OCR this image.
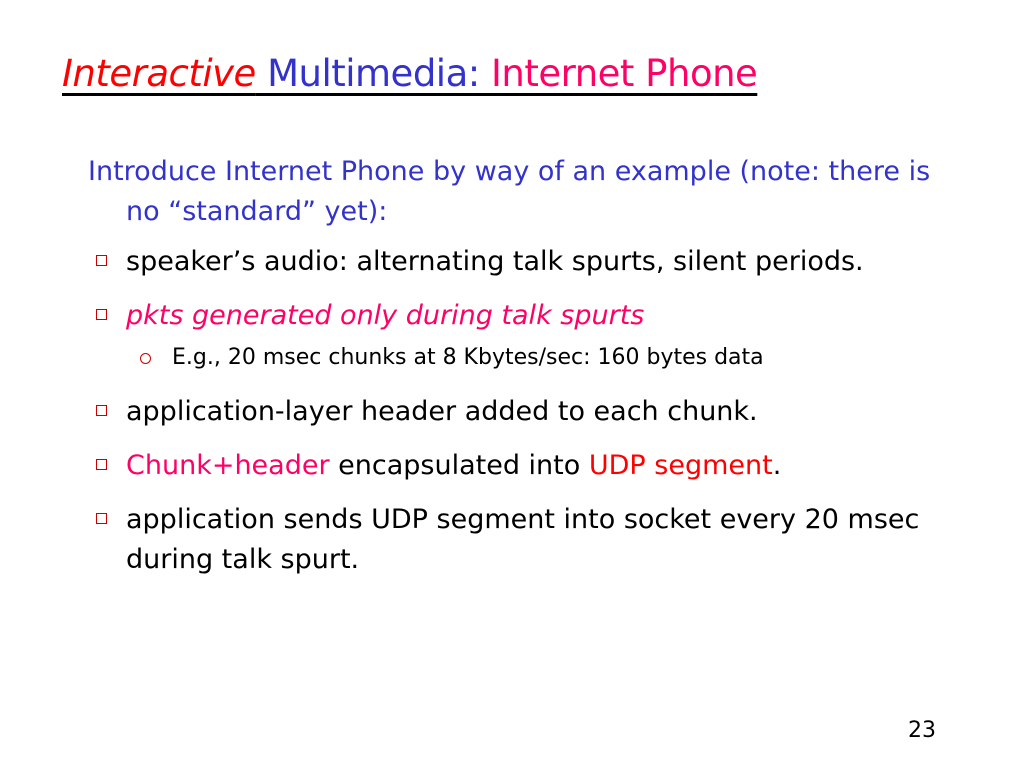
Interactive Multimedia: Internet Phone
Introduce Internet Phone by way of an example (note: there is no “standard” yet):
speaker’s audio: alternating talk spurts, silent periods.
pkts generated only during talk spurts
E.g., 20 msec chunks at 8 Kbytes/sec: 160 bytes data
application-layer header added to each chunk.
Chunk+header encapsulated into UDP segment.
application sends UDP segment into socket every 20 msec during talk spurt.
23
